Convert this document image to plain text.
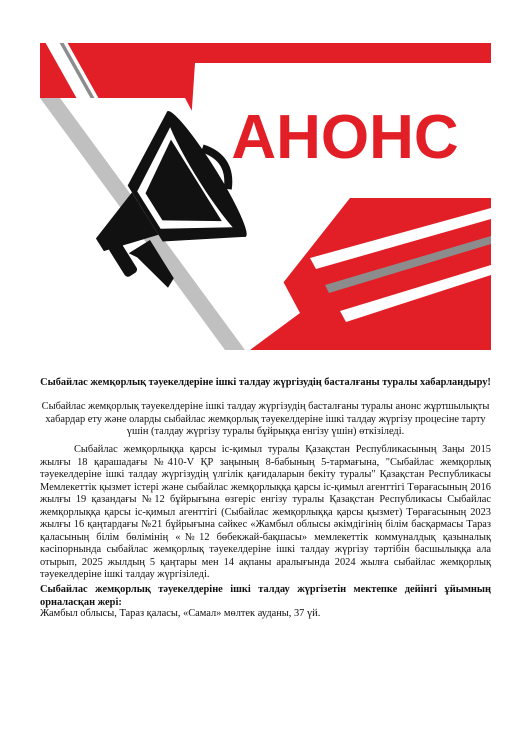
АНОНС
Сыбайлас жемқорлық тәуекелдеріне ішкі талдау жүргізудің басталғаны туралы хабарландыру!
Сыбайлас жемқорлық тәуекелдеріне ішкі талдау жүргізудің басталғаны туралы анонс жұртшылықты хабардар ету және оларды сыбайлас жемқорлық тәуекелдеріне ішкі талдау жүргізу процесіне тарту үшін (талдау жүргізу туралы бұйрыққа енгізу үшін) өткізіледі.
Сыбайлас жемқорлыққа қарсы іс-қимыл туралы Қазақстан Республикасының Заңы 2015 жылғы 18 қарашадағы №410-V ҚР заңының 8-бабының 5-тармағына, "Сыбайлас жемқорлық тәуекелдеріне ішкі талдау жүргізудің үлгілік қағидаларын бекіту туралы" Қазақстан Республикасы Мемлекеттік қызмет істері және сыбайлас жемқорлыққа қарсы іс-қимыл агенттігі Төрағасының 2016 жылғы 19 қазандағы №12 бұйрығына өзгеріс енгізу туралы Қазақстан Республикасы Сыбайлас жемқорлыққа қарсы іс-қимыл агенттігі (Сыбайлас жемқорлыққа қарсы қызмет) Төрағасының 2023 жылғы 16 қаңтардағы №21 бұйрығына сәйкес «Жамбыл облысы әкімдігінің білім басқармасы Тараз қаласының білім бөлімінің «№12 бөбекжай-бақшасы» мемлекеттік коммуналдық қазыналық кәсіпорнында сыбайлас жемқорлық тәуекелдеріне ішкі талдау жүргізу тәртібін басшылыққа ала отырып, 2025 жылдың 5 қаңтары мен 14 ақпаны аралығында 2024 жылға сыбайлас жемқорлық тәуекелдеріне ішкі талдау жүргізіледі.
Сыбайлас жемқорлық тәуекелдеріне ішкі талдау жүргізетін мектепке дейінгі ұйымның орналасқан жері:
Жамбыл облысы, Тараз қаласы, «Самал» мөлтек ауданы, 37 үй.
